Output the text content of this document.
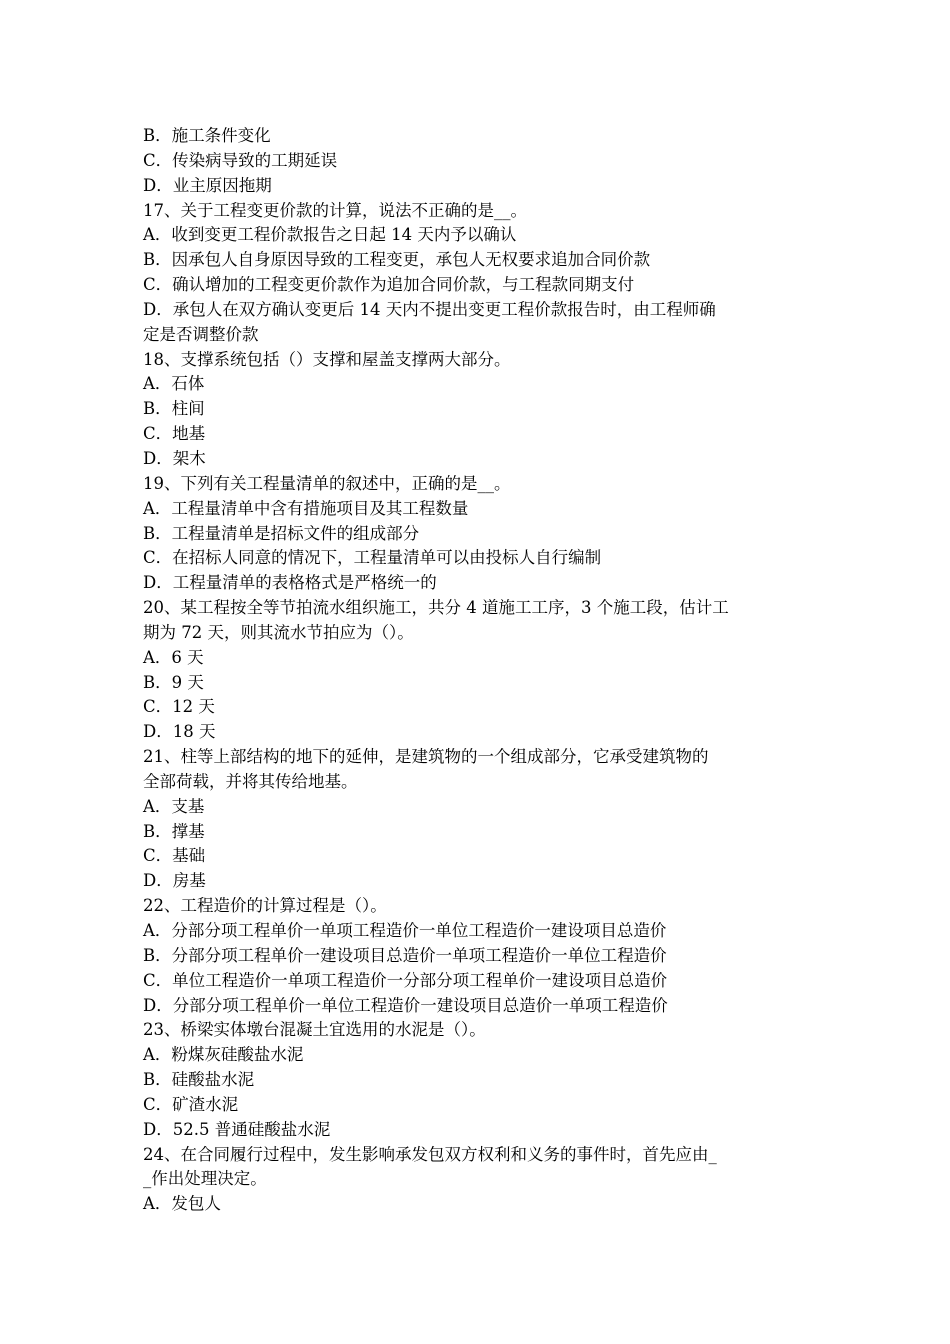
B．施工条件变化
C．传染病导致的工期延误
D．业主原因拖期
17、关于工程变更价款的计算，说法不正确的是__。
A．收到变更工程价款报告之日起 14 天内予以确认
B．因承包人自身原因导致的工程变更，承包人无权要求追加合同价款
C．确认增加的工程变更价款作为追加合同价款，与工程款同期支付
D．承包人在双方确认变更后 14 天内不提出变更工程价款报告时，由工程师确
定是否调整价款
18、支撑系统包括（）支撑和屋盖支撑两大部分。
A．石体
B．柱间
C．地基
D．架木
19、下列有关工程量清单的叙述中，正确的是__。
A．工程量清单中含有措施项目及其工程数量
B．工程量清单是招标文件的组成部分
C．在招标人同意的情况下，工程量清单可以由投标人自行编制
D．工程量清单的表格格式是严格统一的
20、某工程按全等节拍流水组织施工，共分 4 道施工工序，3 个施工段，估计工
期为 72 天，则其流水节拍应为（）。
A．6 天
B．9 天
C．12 天
D．18 天
21、柱等上部结构的地下的延伸，是建筑物的一个组成部分，它承受建筑物的
全部荷载，并将其传给地基。
A．支基
B．撑基
C．基础
D．房基
22、工程造价的计算过程是（）。
A．分部分项工程单价一单项工程造价一单位工程造价一建设项目总造价
B．分部分项工程单价一建设项目总造价一单项工程造价一单位工程造价
C．单位工程造价一单项工程造价一分部分项工程单价一建设项目总造价
D．分部分项工程单价一单位工程造价一建设项目总造价一单项工程造价
23、桥梁实体墩台混凝土宜选用的水泥是（）。
A．粉煤灰硅酸盐水泥
B．硅酸盐水泥
C．矿渣水泥
D．52.5 普通硅酸盐水泥
24、在合同履行过程中，发生影响承发包双方权利和义务的事件时，首先应由_
_作出处理决定。
A．发包人
